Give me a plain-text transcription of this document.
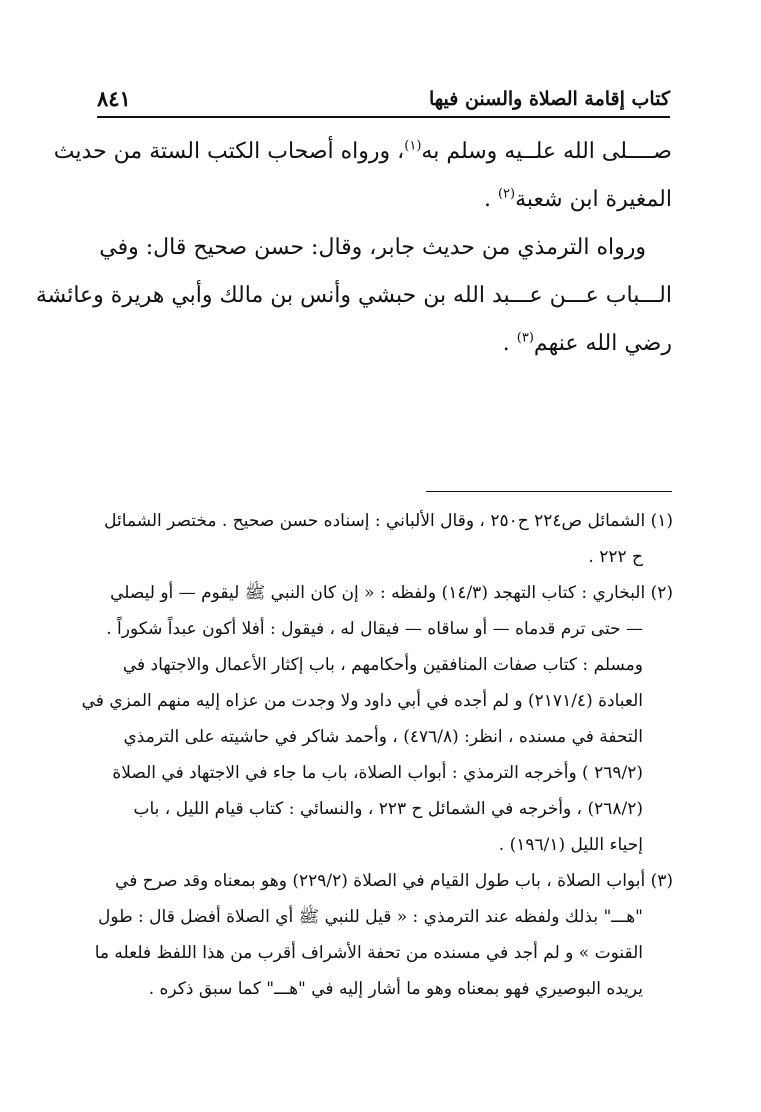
كتاب إقامة الصلاة والسنن فيها
٨٤١
صــــلى الله علــيه وسلم به$^{(١)}$، ورواه أصحاب الكتب الستة من حديث
المغيرة ابن شعبة$^{(٢)}$ .
ورواه الترمذي من حديث جابر، وقال: حسن صحيح قال: وفي
الـــباب عـــن عـــبد الله بن حبشي وأنس بن مالك وأبي هريرة وعائشة
رضي الله عنهم$^{(٣)}$ .
(١) الشمائل ص٢٢٤ ح٢٥٠ ، وقال الألباني : إسناده حسن صحيح . مختصر الشمائل
ح ٢٢٢ .
(٢) البخاري : كتاب التهجد (١٤/٣) ولفظه : « إن كان النبي ﷺ ليقوم — أو ليصلي
— حتى ترم قدماه — أو ساقاه — فيقال له ، فيقول : أفلا أكون عبداً شكوراً .
ومسلم : كتاب صفات المنافقين وأحكامهم ، باب إكثار الأعمال والاجتهاد في
العبادة (٢١٧١/٤) و لم أجده في أبي داود ولا وجدت من عزاه إليه منهم المزي في
التحفة في مسنده ، انظر: (٤٧٦/٨) ، وأحمد شاكر في حاشيته على الترمذي
(٢٦٩/٢ ) وأخرجه الترمذي : أبواب الصلاة، باب ما جاء في الاجتهاد في الصلاة
(٢٦٨/٢) ، وأخرجه في الشمائل ح ٢٢٣ ، والنسائي : كتاب قيام الليل ، باب
إحياء الليل (١٩٦/١) .
(٣) أبواب الصلاة ، باب طول القيام في الصلاة (٢٢٩/٢) وهو بمعناه وقد صرح في
"هـــ" بذلك ولفظه عند الترمذي : « قيل للنبي ﷺ أي الصلاة أفضل قال : طول
القنوت » و لم أجد في مسنده من تحفة الأشراف أقرب من هذا اللفظ فلعله ما
يريده البوصيري فهو بمعناه وهو ما أشار إليه في "هـــ" كما سبق ذكره .
